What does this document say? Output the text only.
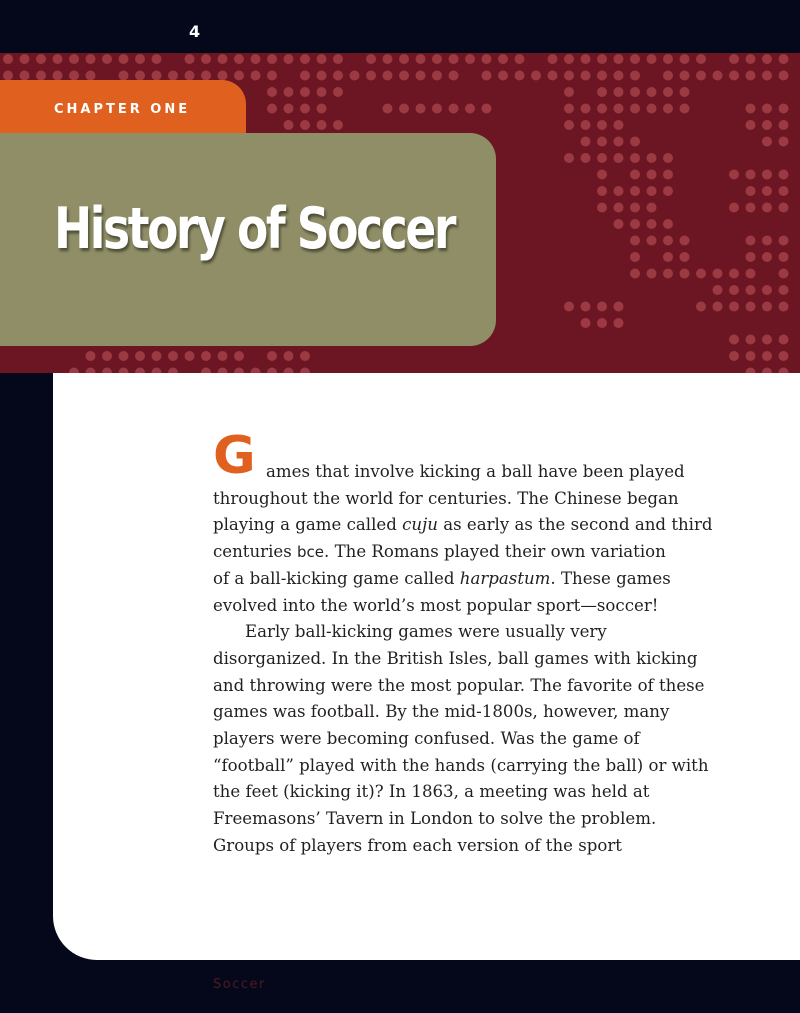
4
CHAPTER ONE
History of Soccer
G ames that involve kicking a ball have been played
throughout the world for centuries. The Chinese began
playing a game called cuju as early as the second and third
centuries bce. The Romans played their own variation
of a ball-kicking game called harpastum. These games
evolved into the world’s most popular sport—soccer!

Early ball-kicking games were usually very disorganized. In the British Isles, ball games with kicking and throwing were the most popular. The favorite of these games was football. By the mid-1800s, however, many players were becoming confused. Was the game of “football” played with the hands (carrying the ball) or with the feet (kicking it)? In 1863, a meeting was held at Freemasons’ Tavern in London to solve the problem. Groups of players from each version of the sport

Soccer
